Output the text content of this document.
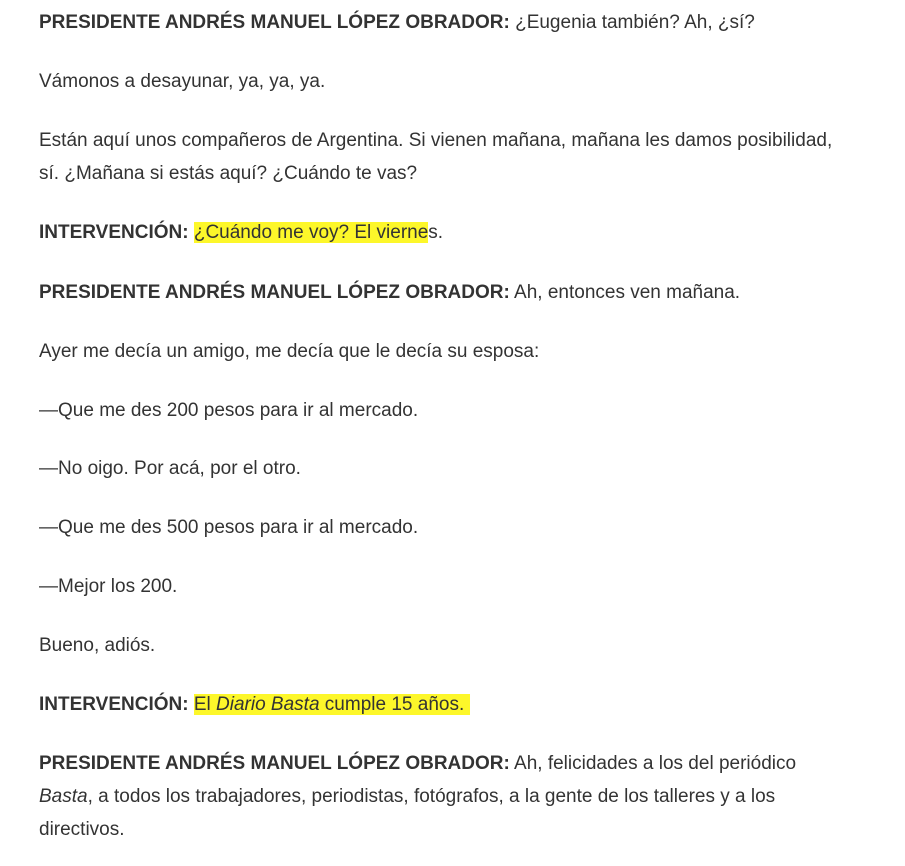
PRESIDENTE ANDRÉS MANUEL LÓPEZ OBRADOR: ¿Eugenia también? Ah, ¿sí?

Vámonos a desayunar, ya, ya, ya.

Están aquí unos compañeros de Argentina. Si vienen mañana, mañana les damos posibilidad, sí. ¿Mañana si estás aquí? ¿Cuándo te vas?

INTERVENCIÓN: ¿Cuándo me voy? El viernes.

PRESIDENTE ANDRÉS MANUEL LÓPEZ OBRADOR: Ah, entonces ven mañana.

Ayer me decía un amigo, me decía que le decía su esposa:

—Que me des 200 pesos para ir al mercado.

—No oigo. Por acá, por el otro.

—Que me des 500 pesos para ir al mercado.

—Mejor los 200.

Bueno, adiós.

INTERVENCIÓN: El Diario Basta cumple 15 años.

PRESIDENTE ANDRÉS MANUEL LÓPEZ OBRADOR: Ah, felicidades a los del periódico Basta, a todos los trabajadores, periodistas, fotógrafos, a la gente de los talleres y a los directivos.
